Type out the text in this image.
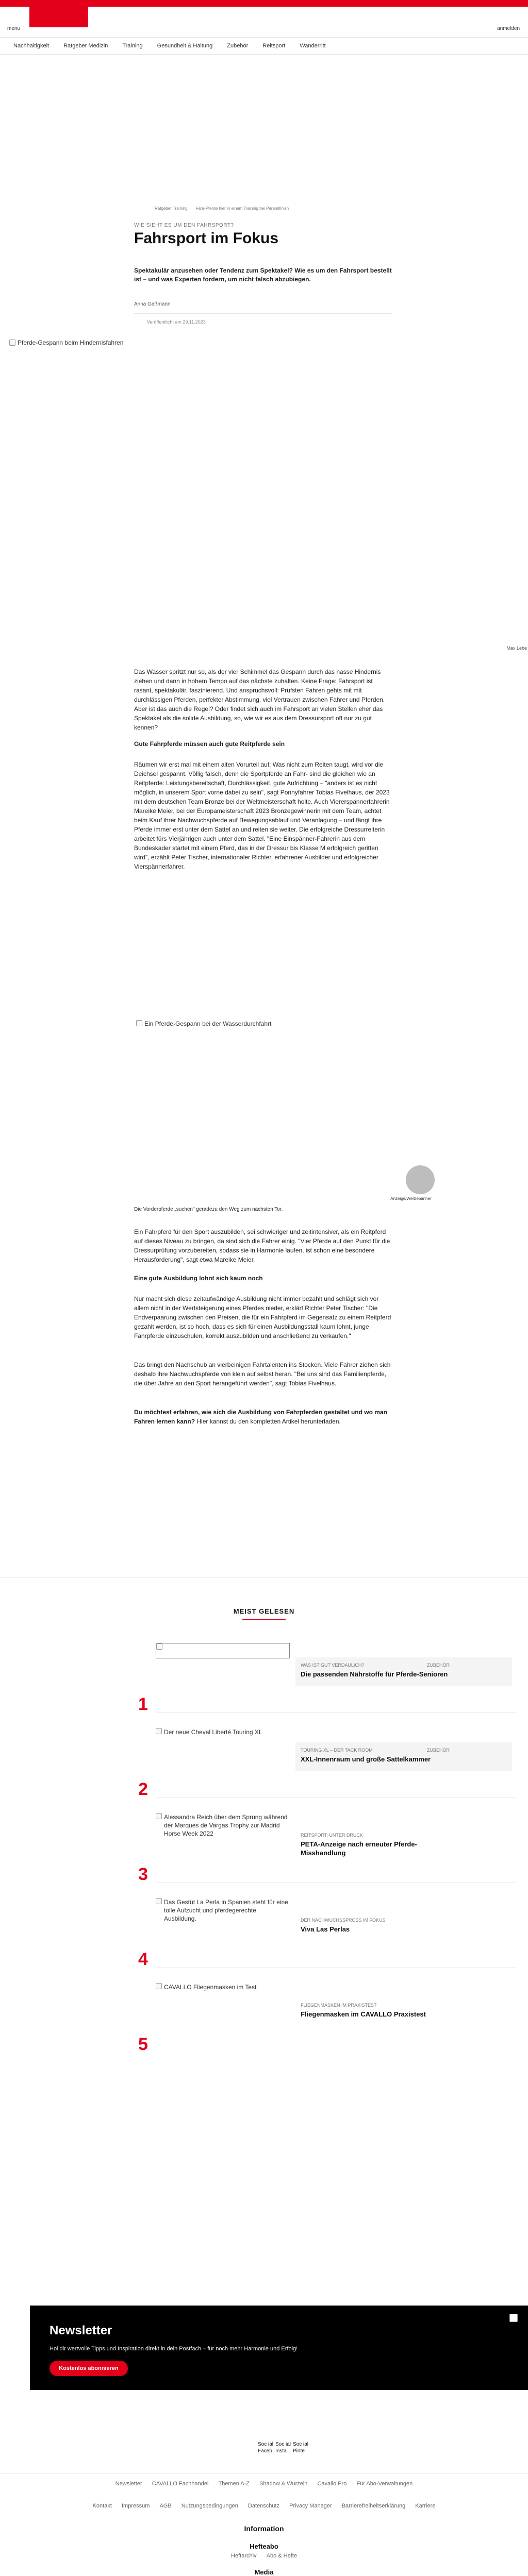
menu	anmelden
Nachhaltigkeit	Ratgeber Medizin	Training	Gesundheit & Haltung	Zubehör	Reitsport	Wanderritt
Ratgeber Training Fahr-Pferde hier in einem Training bei Paramifinish
WIE SIEHT ES UM DEN FAHRSPORT?
Fahrsport im Fokus

Spektakulär anzusehen oder Tendenz zum Spektakel? Wie es um den Fahrsport bestellt ist – und was Experten fordern, um nicht falsch abzubiegen.

Anna Gaßmann
Veröffentlicht am 29.11.2023
Pferde-Gespann beim Hindernisfahren
Max Lebe

Das Wasser spritzt nur so, als der vier Schimmel das Gespann durch das nasse Hindernis ziehen und dann in hohem Tempo auf das nächste zuhalten. Keine Frage: Fahrsport ist rasant, spektakulär, faszinierend. Und anspruchsvoll: Prüfsten Fahren gehts mit mit durchlässigen Pferden, perfekter Abstimmung, viel Vertrauen zwischen Fahrer und Pferden. Aber ist das auch die Regel? Oder findet sich auch im Fahrsport an vielen Stellen eher das Spektakel als die solide Ausbildung, so, wie wir es aus dem Dressursport oft nur zu gut kennen?

Gute Fahrpferde müssen auch gute Reitpferde sein

Räumen wir erst mal mit einem alten Vorurteil auf: Was nicht zum Reiten taugt, wird vor die Deichsel gespannt. Völlig falsch, denn die Sportpferde an Fahr- sind die gleichen wie an Reitpferde: Leistungsbereitschaft, Durchlässigkeit, gute Aufrichtung – "anders ist es nicht möglich, in unserem Sport vorne dabei zu sein", sagt Ponnyfahrer Tobias Fivelhaus, der 2023 mit dem deutschen Team Bronze bei der Weltmeisterschaft holte. Auch Viererspännerfahrerin Mareike Meier, bei der Europameisterschaft 2023 Bronzegewinnerin mit dem Team, achtet beim Kauf ihrer Nachwuchspferde auf Bewegungsablauf und Veranlagung – und fängt ihre Pferde immer erst unter dem Sattel an und reiten sie weiter. Die erfolgreiche Dressurreiterin arbeitet fürs Vierjährigen auch unter dem Sattel. "Eine Einspänner-Fahrerin aus dem Bundeskader startet mit einem Pferd, das in der Dressur bis Klasse M erfolgreich geritten wird", erzählt Peter Tischer, internationaler Richter, erfahrener Ausbilder und erfolgreicher Vierspännerfahrer.

Ein Pferde-Gespann bei der Wasserdurchfahrt
Anzeige/Werbebanner
Die Vorderpferde „suchen" geradezu den Weg zum nächsten Tor.

Ein Fahrpferd für den Sport auszubilden, sei schwieriger und zeitintensiver, als ein Reitpferd auf dieses Niveau zu bringen, da sind sich die Fahrer einig. "Vier Pferde auf den Punkt für die Dressurprüfung vorzubereiten, sodass sie in Harmonie laufen, ist schon eine besondere Herausforderung", sagt etwa Mareike Meier.

Eine gute Ausbildung lohnt sich kaum noch

Nur macht sich diese zeitaufwändige Ausbildung nicht immer bezahlt und schlägt sich vor allem nicht in der Wertsteigerung eines Pferdes nieder, erklärt Richter Peter Tischer: "Die Endverpaarung zwischen den Preisen, die für ein Fahrpferd im Gegensatz zu einem Reitpferd gezahlt werden, ist so hoch, dass es sich für einen Ausbildungsstall kaum lohnt, junge Fahrpferde einzuschulen, korrekt auszubilden und anschließend zu verkaufen."

Das bringt den Nachschub an vierbeinigen Fahrtalenten ins Stocken. Viele Fahrer ziehen sich deshalb ihre Nachwuchspferde von klein auf selbst heran. "Bei uns sind das Familienpferde, die über Jahre an den Sport herangeführt werden", sagt Tobias Fivelhaus.

Du möchtest erfahren, wie sich die Ausbildung von Fahrpferden gestaltet und wo man Fahren lernen kann? Hier kannst du den kompletten Artikel herunterladen.

MEIST GELESEN
1
WAS IST GUT VERDAULICH?	ZUBEHÖR
Die passenden Nährstoffe für Pferde-Senioren
Der neue Cheval Liberté Touring XL
2
TOURING XL – DER TACK ROOM	ZUBEHÖR
XXL-Innenraum und große Sattelkammer
Alessandra Reich über dem Sprung während der Marques de Vargas Trophy zur Madrid Horse Week 2022
3
REITSPORT: UNTER DRUCK
PETA-Anzeige nach erneuter Pferde-Misshandlung
Das Gestüt La Perla in Spanien steht für eine tolle Aufzucht und pferdegerechte Ausbildung.
4
DER NACHWUCHSSPROSS IM FOKUS
Viva Las Perlas
CAVALLO Fliegenmasken im Test
5
FLIEGENMASKEN IM PRAXISTEST
Fliegenmasken im CAVALLO Praxistest
Newsletter
Hol dir wertvolle Tipps und Inspiration direkt in dein Postfach – für noch mehr Harmonie und Erfolg!
Kostenlos abonnieren
Soc ial Faceb
Soc ial Insta
Soc ial Pinte
Newsletter CAVALLO Fachhandel Themen A-Z Shadow & Wurzeln Cavallo Pro Für Abo-Verwaltungen
Kontakt Impressum AGB Nutzungsbedingungen Datenschutz Privacy Manager Barrierefreiheitserklärung Karriere
Information
Hefteabo
Heftarchiv Abo & Hefte
Media
